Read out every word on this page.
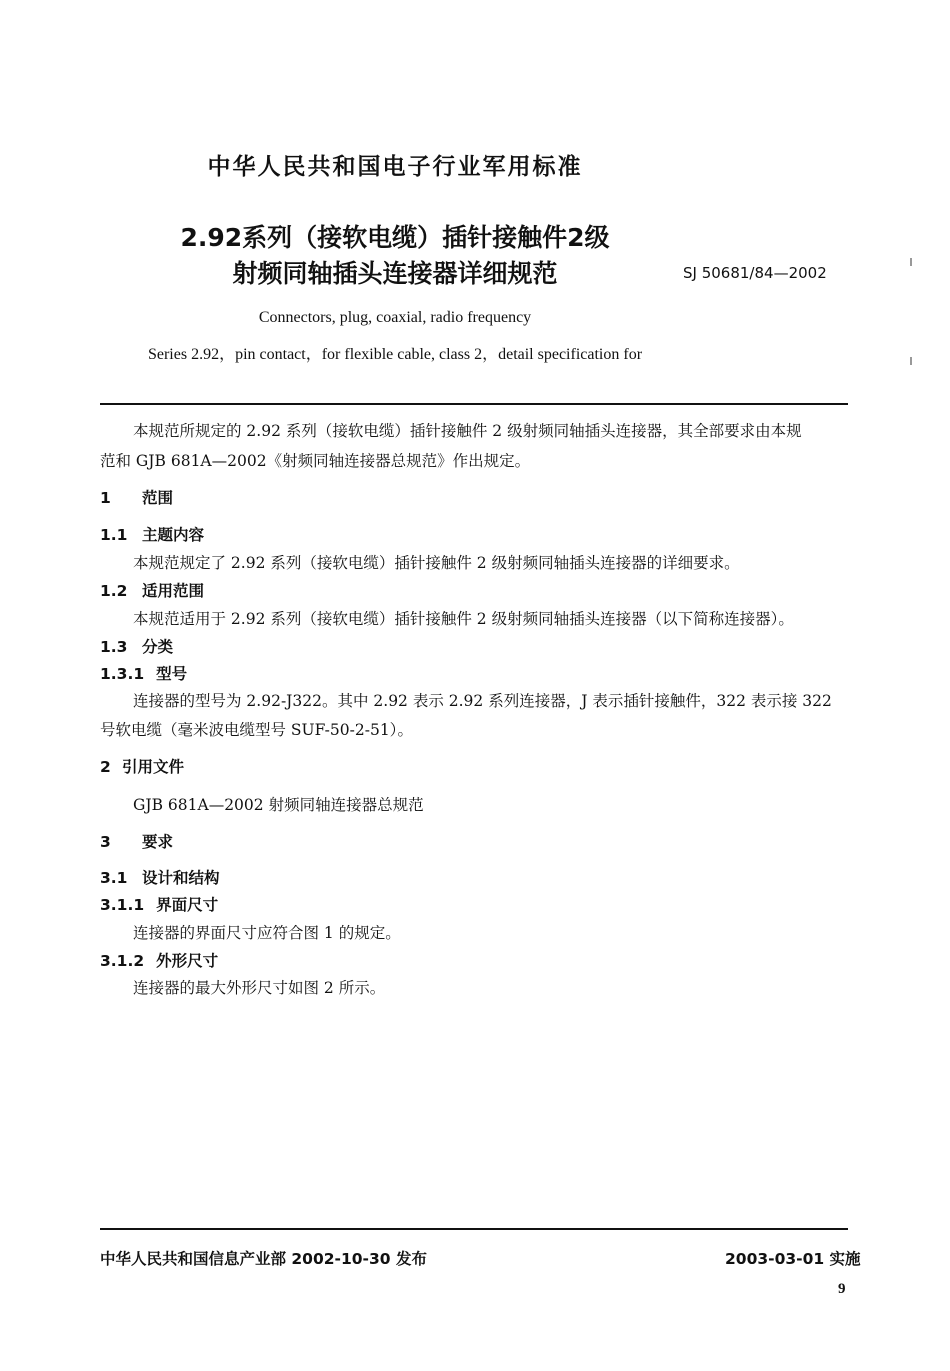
中华人民共和国电子行业军用标准
2.92系列（接软电缆）插针接触件2级
射频同轴插头连接器详细规范	SJ 50681/84—2002
Connectors, plug, coaxial, radio frequency
Series 2.92，pin contact，for flexible cable, class 2，detail specification for
本规范所规定的 2.92 系列（接软电缆）插针接触件 2 级射频同轴插头连接器，其全部要求由本规
范和 GJB 681A—2002《射频同轴连接器总规范》作出规定。
1 范围
1.1 主题内容
本规范规定了 2.92 系列（接软电缆）插针接触件 2 级射频同轴插头连接器的详细要求。
1.2 适用范围
本规范适用于 2.92 系列（接软电缆）插针接触件 2 级射频同轴插头连接器（以下简称连接器）。
1.3 分类
1.3.1 型号
连接器的型号为 2.92-J322。其中 2.92 表示 2.92 系列连接器，J 表示插针接触件，322 表示接 322
号软电缆（毫米波电缆型号 SUF-50-2-51）。
2 引用文件
GJB 681A—2002 射频同轴连接器总规范
3 要求
3.1 设计和结构
3.1.1 界面尺寸
连接器的界面尺寸应符合图 1 的规定。
3.1.2 外形尺寸
连接器的最大外形尺寸如图 2 所示。
中华人民共和国信息产业部 2002-10-30 发布	2003-03-01 实施
9
